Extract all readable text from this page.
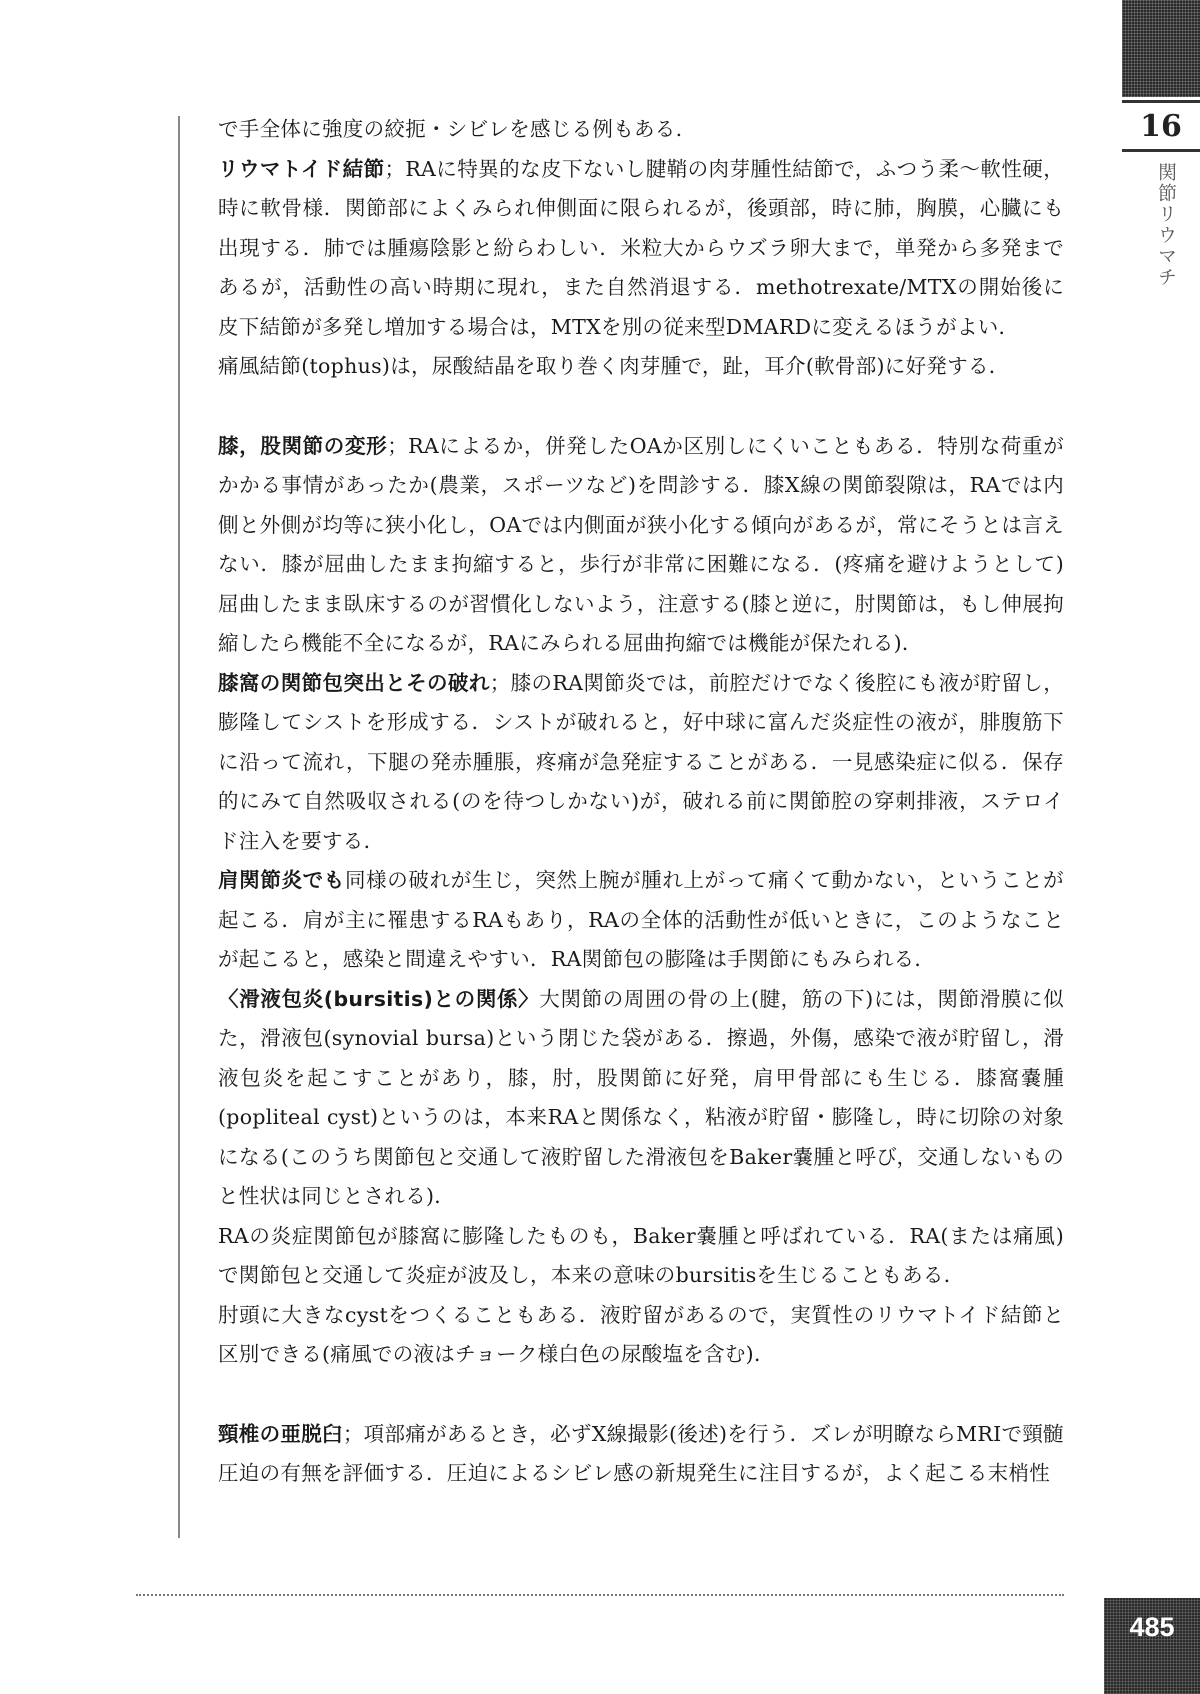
16
関節リウマチ

で手全体に強度の絞扼・シビレを感じる例もある.

リウマトイド結節；RAに特異的な皮下ないし腱鞘の肉芽腫性結節で，ふつう柔～軟性硬，時に軟骨様．関節部によくみられ伸側面に限られるが，後頭部，時に肺，胸膜，心臓にも出現する．肺では腫瘍陰影と紛らわしい．米粒大からウズラ卵大まで，単発から多発まであるが，活動性の高い時期に現れ，また自然消退する．methotrexate/MTXの開始後に皮下結節が多発し増加する場合は，MTXを別の従来型DMARDに変えるほうがよい．

痛風結節(tophus)は，尿酸結晶を取り巻く肉芽腫で，趾，耳介(軟骨部)に好発する．

膝，股関節の変形；RAによるか，併発したOAか区別しにくいこともある．特別な荷重がかかる事情があったか(農業，スポーツなど)を問診する．膝X線の関節裂隙は，RAでは内側と外側が均等に狭小化し，OAでは内側面が狭小化する傾向があるが，常にそうとは言えない．膝が屈曲したまま拘縮すると，歩行が非常に困難になる．(疼痛を避けようとして)屈曲したまま臥床するのが習慣化しないよう，注意する(膝と逆に，肘関節は，もし伸展拘縮したら機能不全になるが，RAにみられる屈曲拘縮では機能が保たれる)．

膝窩の関節包突出とその破れ；膝のRA関節炎では，前腔だけでなく後腔にも液が貯留し，膨隆してシストを形成する．シストが破れると，好中球に富んだ炎症性の液が，腓腹筋下に沿って流れ，下腿の発赤腫脹，疼痛が急発症することがある．一見感染症に似る．保存的にみて自然吸収される(のを待つしかない)が，破れる前に関節腔の穿刺排液，ステロイド注入を要する．

肩関節炎でも同様の破れが生じ，突然上腕が腫れ上がって痛くて動かない，ということが起こる．肩が主に罹患するRAもあり，RAの全体的活動性が低いときに，このようなことが起こると，感染と間違えやすい．RA関節包の膨隆は手関節にもみられる．

〈滑液包炎(bursitis)との関係〉大関節の周囲の骨の上(腱，筋の下)には，関節滑膜に似た，滑液包(synovial bursa)という閉じた袋がある．擦過，外傷，感染で液が貯留し，滑液包炎を起こすことがあり，膝，肘，股関節に好発，肩甲骨部にも生じる．膝窩嚢腫(popliteal cyst)というのは，本来RAと関係なく，粘液が貯留・膨隆し，時に切除の対象になる(このうち関節包と交通して液貯留した滑液包をBaker嚢腫と呼び，交通しないものと性状は同じとされる)．

RAの炎症関節包が膝窩に膨隆したものも，Baker嚢腫と呼ばれている．RA(または痛風)で関節包と交通して炎症が波及し，本来の意味のbursitisを生じることもある．

肘頭に大きなcystをつくることもある．液貯留があるので，実質性のリウマトイド結節と区別できる(痛風での液はチョーク様白色の尿酸塩を含む)．

頸椎の亜脱臼；項部痛があるとき，必ずX線撮影(後述)を行う．ズレが明瞭ならMRIで頸髄圧迫の有無を評価する．圧迫によるシビレ感の新規発生に注目するが，よく起こる末梢性

485
